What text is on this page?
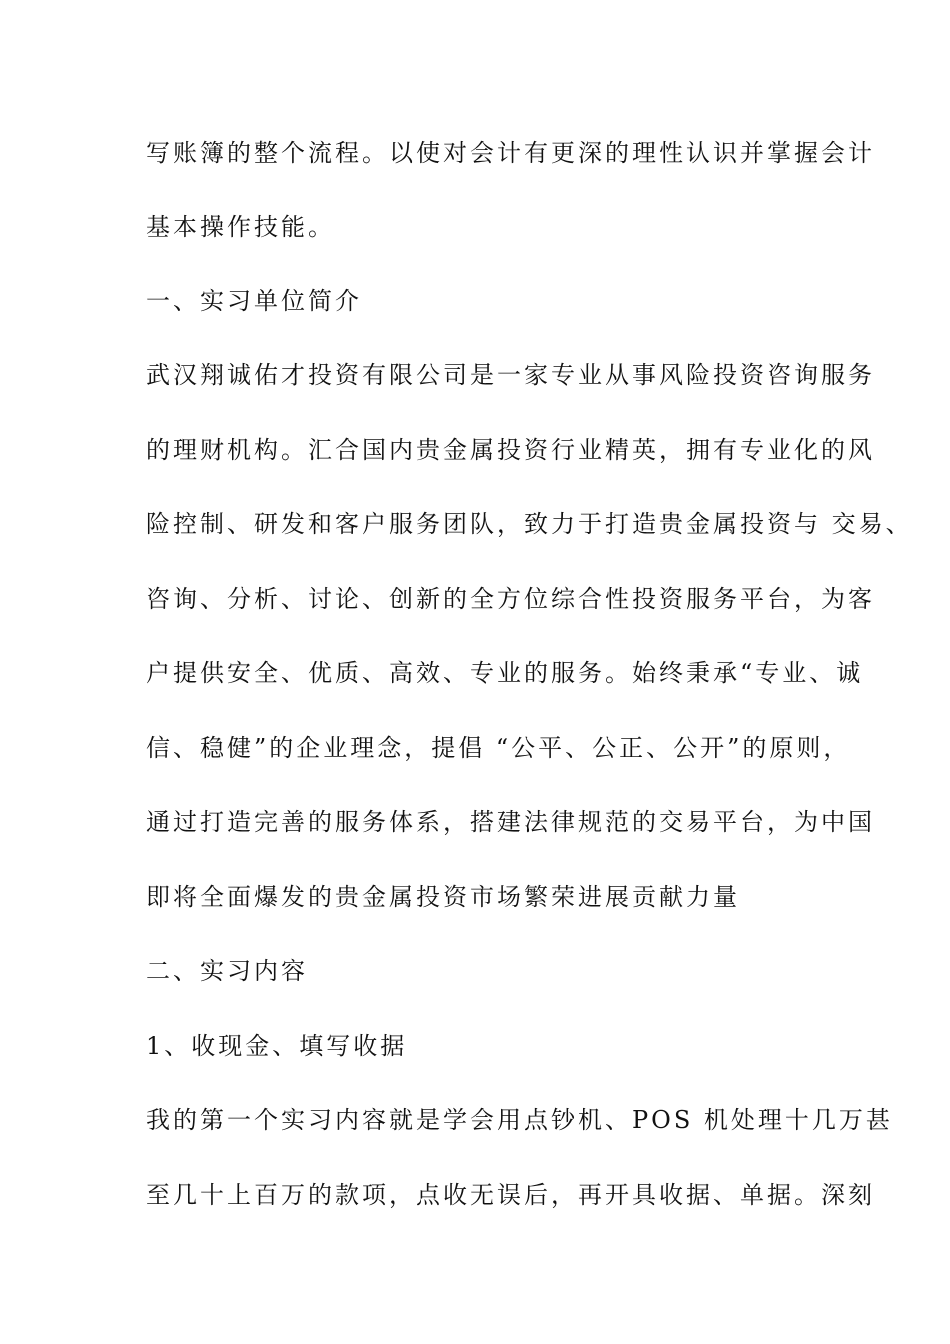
写账簿的整个流程。以使对会计有更深的理性认识并掌握会计
基本操作技能。
一、实习单位简介
武汉翔诚佑才投资有限公司是一家专业从事风险投资咨询服务
的理财机构。汇合国内贵金属投资行业精英，拥有专业化的风
险控制、研发和客户服务团队，致力于打造贵金属投资与 交易、
咨询、分析、讨论、创新的全方位综合性投资服务平台，为客
户提供安全、优质、高效、专业的服务。始终秉承“专业、诚
信、稳健”的企业理念，提倡 “公平、公正、公开”的原则，
通过打造完善的服务体系，搭建法律规范的交易平台，为中国
即将全面爆发的贵金属投资市场繁荣进展贡献力量
二、实习内容
1、收现金、填写收据
我的第一个实习内容就是学会用点钞机、POS 机处理十几万甚
至几十上百万的款项，点收无误后，再开具收据、单据。深刻
